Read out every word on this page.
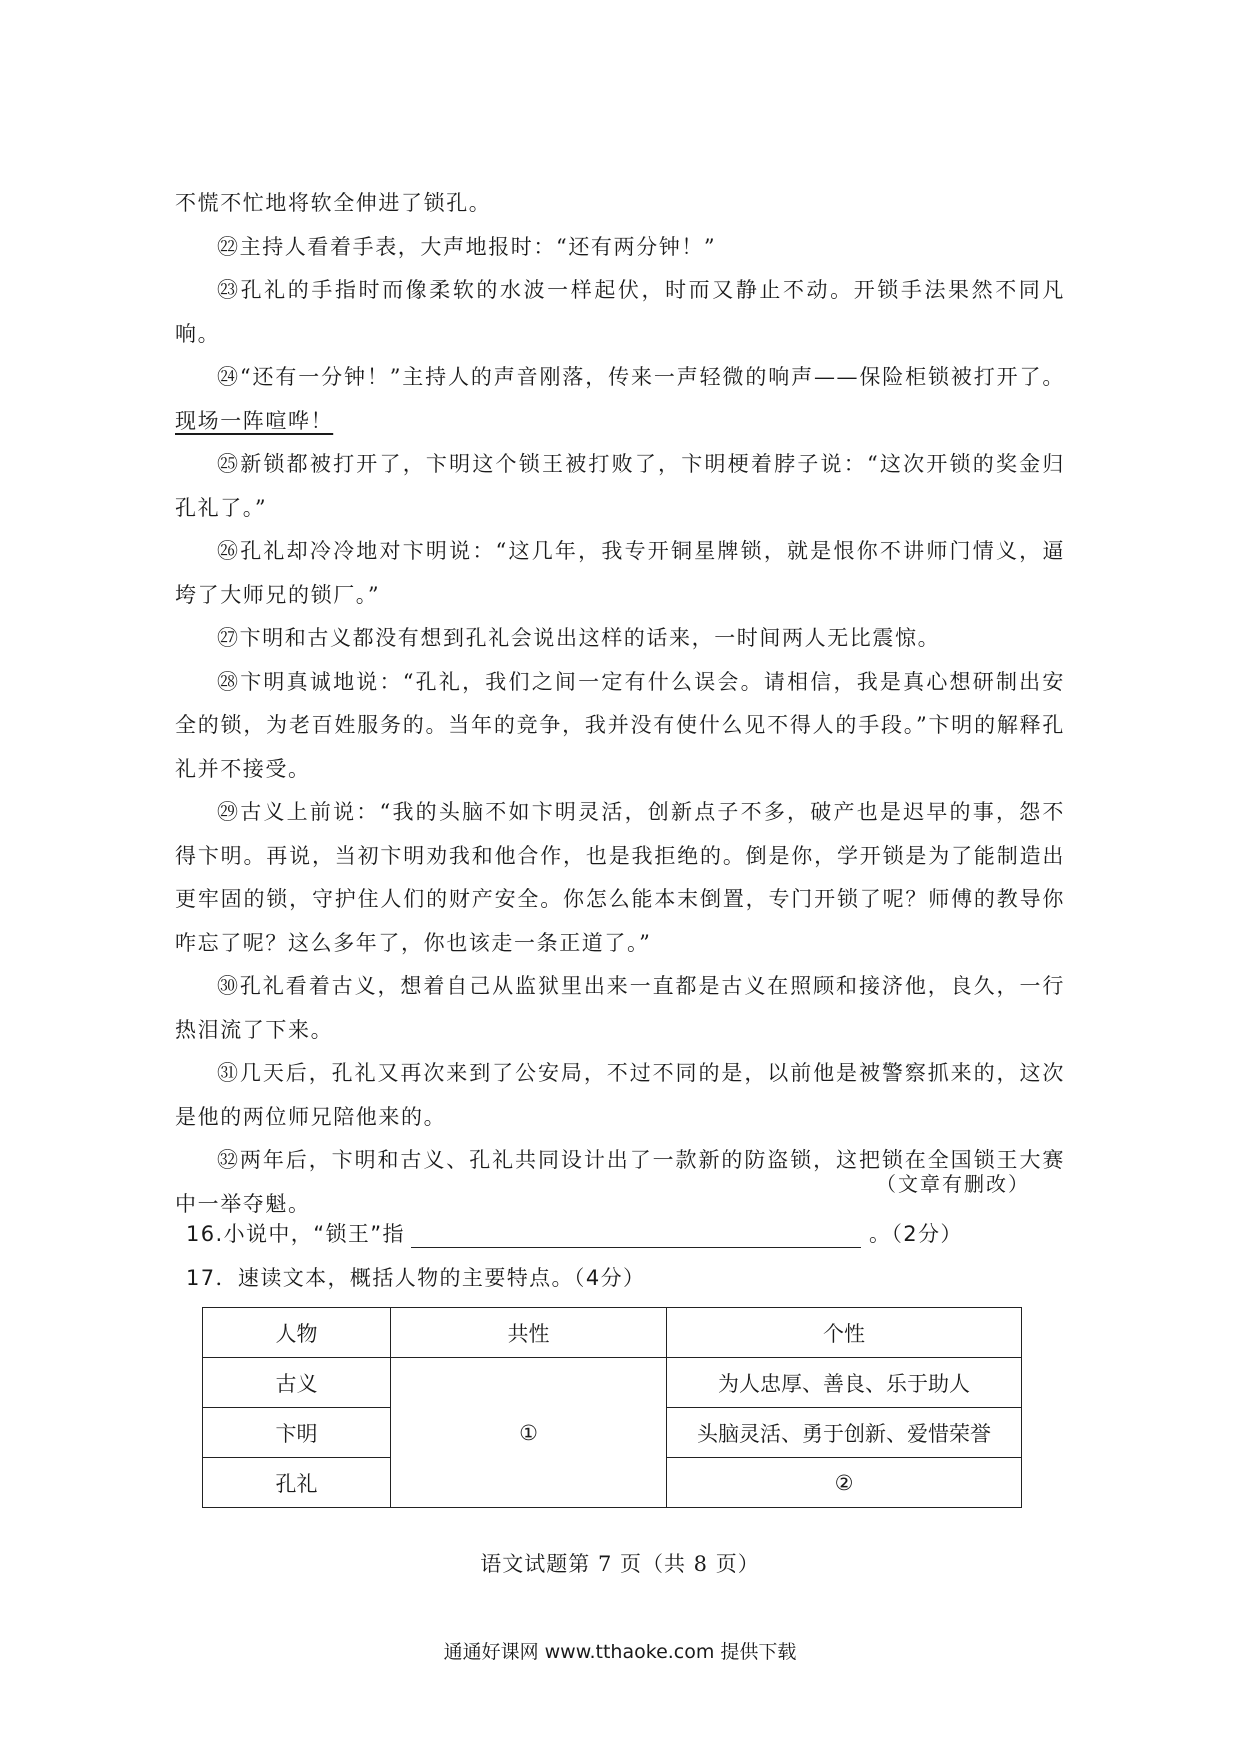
不慌不忙地将软全伸进了锁孔。

㉒主持人看着手表，大声地报时：“还有两分钟！”

㉓孔礼的手指时而像柔软的水波一样起伏，时而又静止不动。开锁手法果然不同凡响。

㉔“还有一分钟！”主持人的声音刚落，传来一声轻微的响声——保险柜锁被打开了。现场一阵喧哗！

㉕新锁都被打开了，卞明这个锁王被打败了，卞明梗着脖子说：“这次开锁的奖金归孔礼了。”

㉖孔礼却冷冷地对卞明说：“这几年，我专开铜星牌锁，就是恨你不讲师门情义，逼垮了大师兄的锁厂。”

㉗卞明和古义都没有想到孔礼会说出这样的话来，一时间两人无比震惊。

㉘卞明真诚地说：“孔礼，我们之间一定有什么误会。请相信，我是真心想研制出安全的锁，为老百姓服务的。当年的竞争，我并没有使什么见不得人的手段。”卞明的解释孔礼并不接受。

㉙古义上前说：“我的头脑不如卞明灵活，创新点子不多，破产也是迟早的事，怨不得卞明。再说，当初卞明劝我和他合作，也是我拒绝的。倒是你，学开锁是为了能制造出更牢固的锁，守护住人们的财产安全。你怎么能本末倒置，专门开锁了呢？师傅的教导你咋忘了呢？这么多年了，你也该走一条正道了。”

㉚孔礼看着古义，想着自己从监狱里出来一直都是古义在照顾和接济他，良久，一行热泪流了下来。

㉛几天后，孔礼又再次来到了公安局，不过不同的是，以前他是被警察抓来的，这次是他的两位师兄陪他来的。

㉜两年后，卞明和古义、孔礼共同设计出了一款新的防盗锁，这把锁在全国锁王大赛中一举夺魁。

（文章有删改）
16.小说中，“锁王”指	。（2分）
17．速读文本，概括人物的主要特点。（4分）
人物	共性	个性
古义	①	为人忠厚、善良、乐于助人
卞明		头脑灵活、勇于创新、爱惜荣誉
孔礼		②
语文试题第 7 页（共 8 页）
通通好课网 www.tthaoke.com 提供下载
